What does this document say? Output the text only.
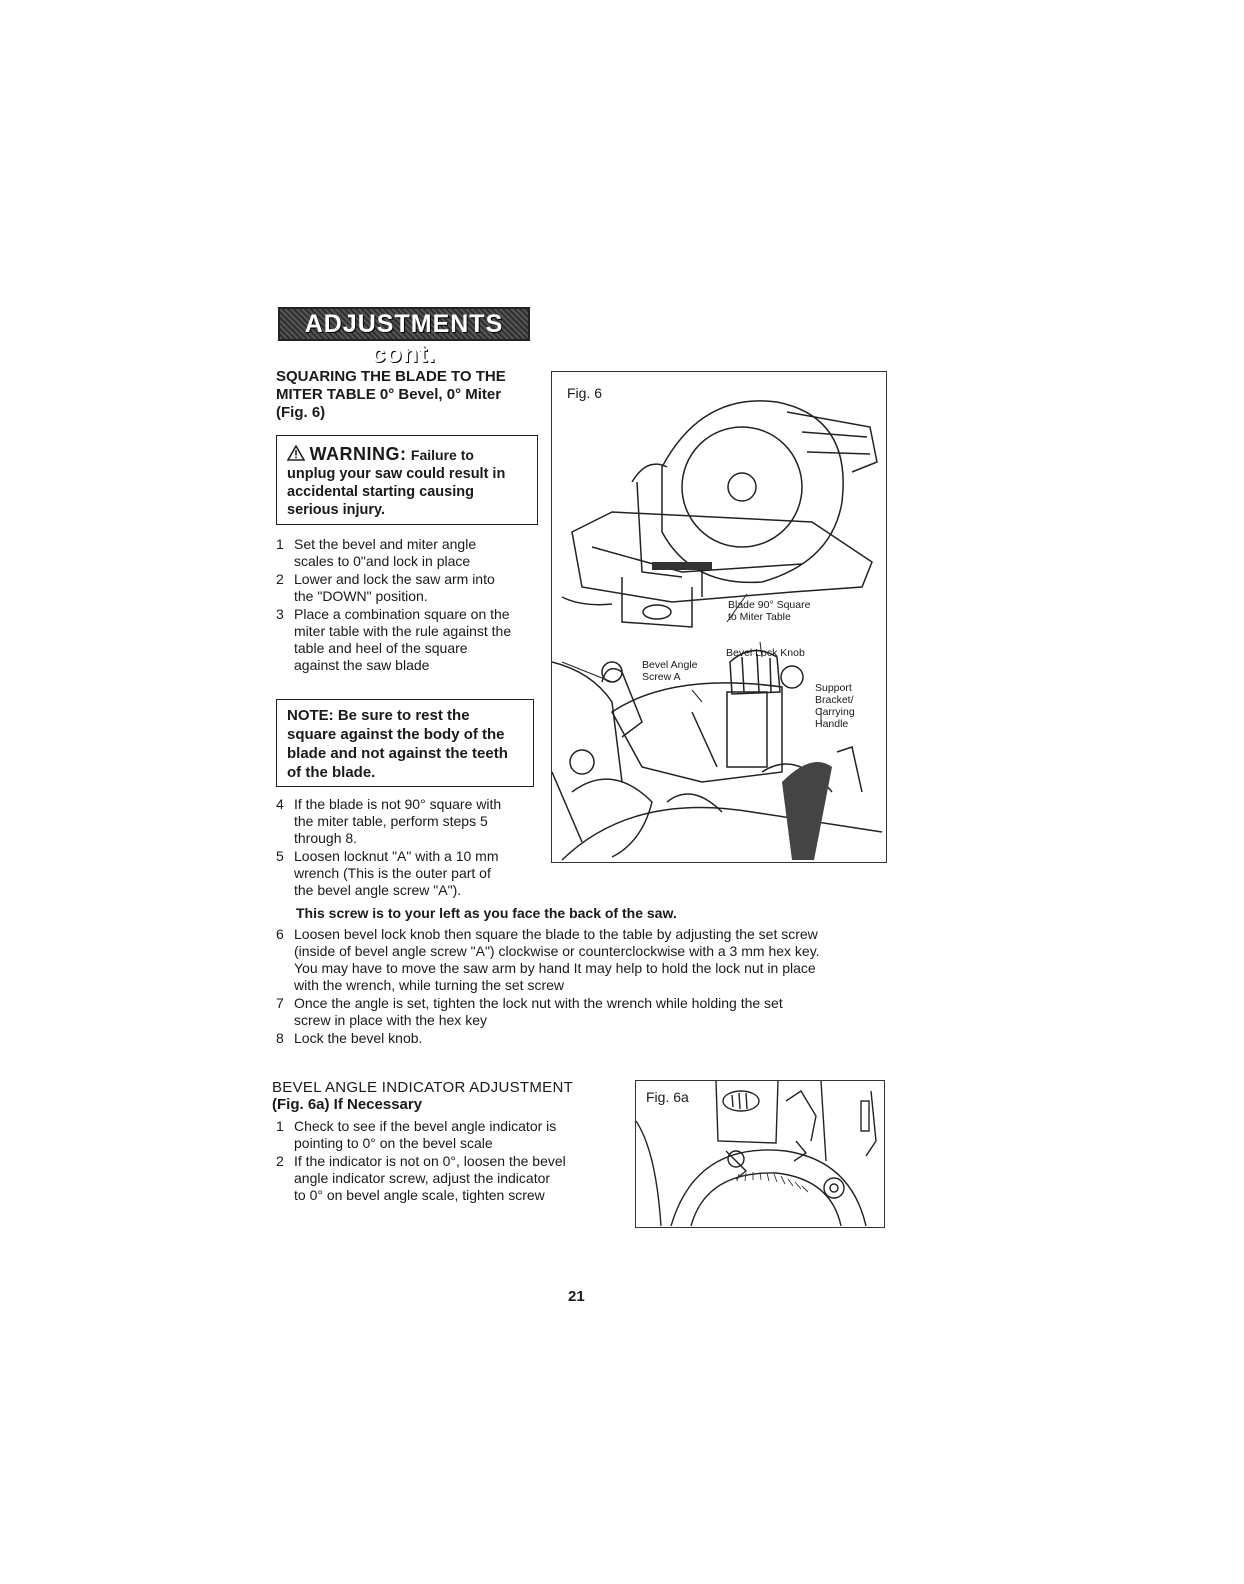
ADJUSTMENTS cont.
SQUARING THE BLADE TO THE
MITER TABLE 0° Bevel, 0° Miter
(Fig. 6)
WARNING: Failure to
unplug your saw could result in
accidental starting causing
serious injury.
1 Set the bevel and miter angle
scales to 0"and lock in place
2 Lower and lock the saw arm into
the "DOWN" position.
3 Place a combination square on the
miter table with the rule against the
table and heel of the square
against the saw blade
NOTE: Be sure to rest the
square against the body of the
blade and not against the teeth
of the blade.
4 If the blade is not 90° square with
the miter table, perform steps 5
through 8.
5 Loosen locknut "A" with a 10 mm
wrench (This is the outer part of
the bevel angle screw "A").
This screw is to your left as you face the back of the saw.
6 Loosen bevel lock knob then square the blade to the table by adjusting the set screw
(inside of bevel angle screw "A") clockwise or counterclockwise with a 3 mm hex key.
You may have to move the saw arm by hand It may help to hold the lock nut in place
with the wrench, while turning the set screw
7 Once the angle is set, tighten the lock nut with the wrench while holding the set
screw in place with the hex key
8 Lock the bevel knob.
Fig. 6
Blade 90° Square
to Miter Table
Bevel Lock Knob
Bevel Angle
Screw A
Support
Bracket/
Carrying
Handle
BEVEL ANGLE INDICATOR ADJUSTMENT
(Fig. 6a) If Necessary
1 Check to see if the bevel angle indicator is
pointing to 0° on the bevel scale
2 If the indicator is not on 0°, loosen the bevel
angle indicator screw, adjust the indicator
to 0° on bevel angle scale, tighten screw
Fig. 6a
21
